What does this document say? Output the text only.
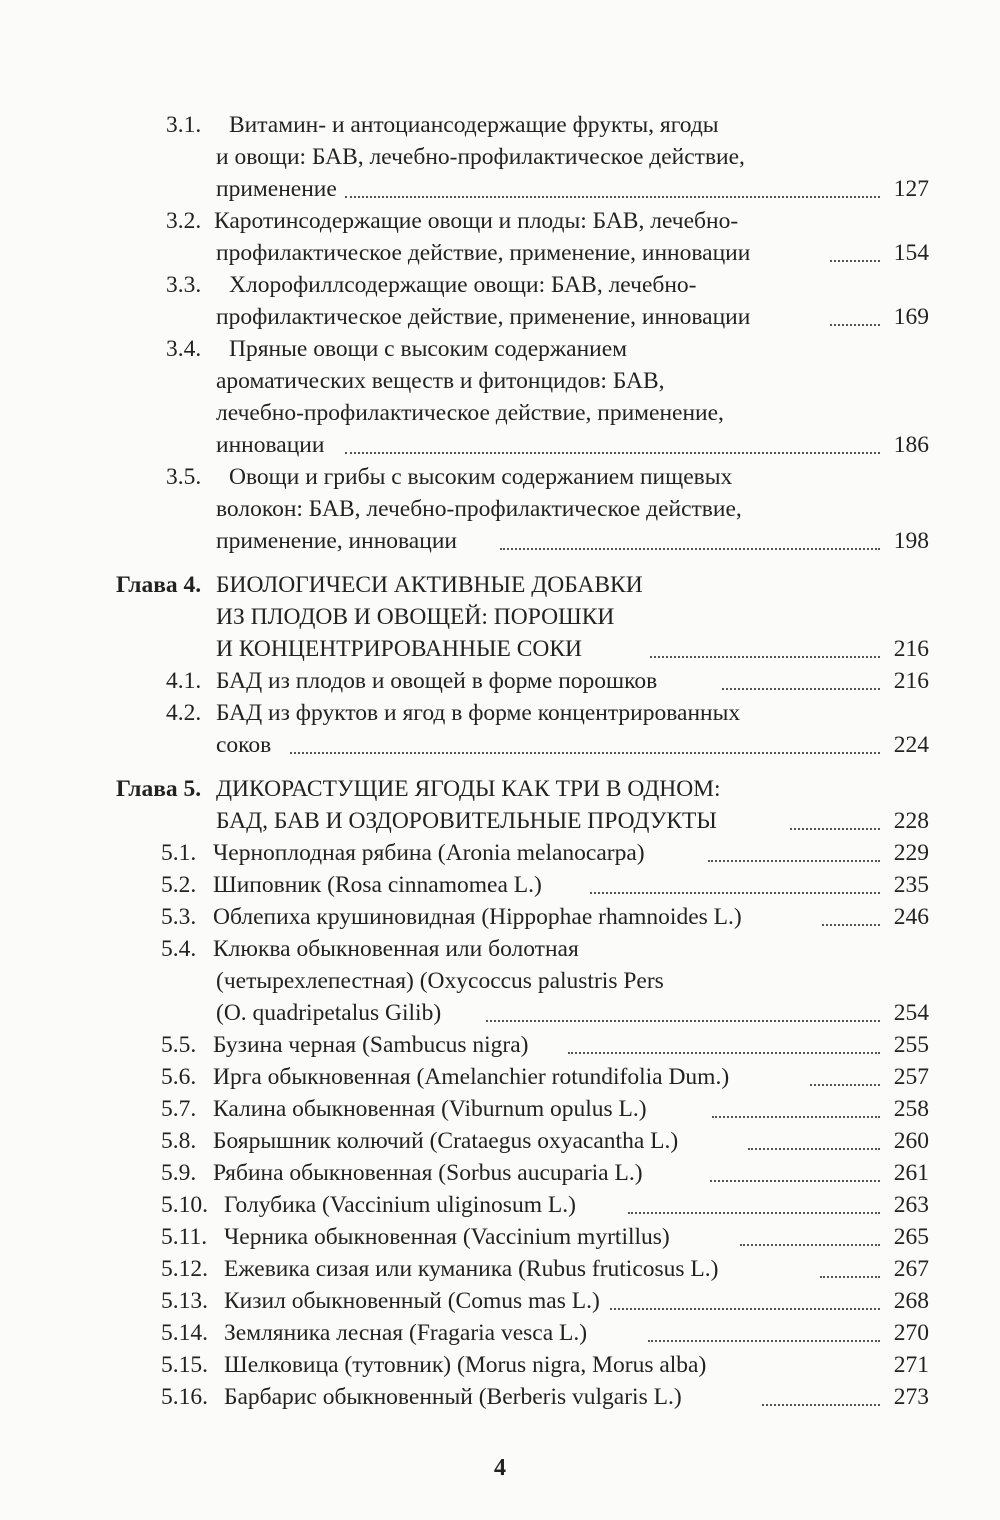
3.1. Витамин- и антоциансодержащие фрукты, ягоды
и овощи: БАВ, лечебно-профилактическое действие,
применение	127
3.2. Каротинсодержащие овощи и плоды: БАВ, лечебно-
профилактическое действие, применение, инновации	154
3.3. Хлорофиллсодержащие овощи: БАВ, лечебно-
профилактическое действие, применение, инновации	169
3.4. Пряные овощи с высоким содержанием
ароматических веществ и фитонцидов: БАВ,
лечебно-профилактическое действие, применение,
инновации	186
3.5. Овощи и грибы с высоким содержанием пищевых
волокон: БАВ, лечебно-профилактическое действие,
применение, инновации	198
Глава 4. БИОЛОГИЧЕСИ АКТИВНЫЕ ДОБАВКИ
ИЗ ПЛОДОВ И ОВОЩЕЙ: ПОРОШКИ
И КОНЦЕНТРИРОВАННЫЕ СОКИ	216
4.1. БАД из плодов и овощей в форме порошков	216
4.2. БАД из фруктов и ягод в форме концентрированных
соков	224
Глава 5. ДИКОРАСТУЩИЕ ЯГОДЫ КАК ТРИ В ОДНОМ:
БАД, БАВ И ОЗДОРОВИТЕЛЬНЫЕ ПРОДУКТЫ	228
5.1. Черноплодная рябина (Aronia melanocarpa)	229
5.2. Шиповник (Rosa cinnamomea L.)	235
5.3. Облепиха крушиновидная (Hippophae rhamnoides L.)	246
5.4. Клюква обыкновенная или болотная
(четырехлепестная) (Oxycoccus palustris Pers
(O. quadripetalus Gilib)	254
5.5. Бузина черная (Sambucus nigra)	255
5.6. Ирга обыкновенная (Amelanchier rotundifolia Dum.)	257
5.7. Калина обыкновенная (Viburnum opulus L.)	258
5.8. Боярышник колючий (Crataegus oxyacantha L.)	260
5.9. Рябина обыкновенная (Sorbus aucuparia L.)	261
5.10. Голубика (Vaccinium uliginosum L.)	263
5.11. Черника обыкновенная (Vaccinium myrtillus)	265
5.12. Ежевика сизая или куманика (Rubus fruticosus L.)	267
5.13. Кизил обыкновенный (Comus mas L.)	268
5.14. Земляника лесная (Fragaria vesca L.)	270
5.15. Шелковица (тутовник) (Morus nigra, Morus alba)	271
5.16. Барбарис обыкновенный (Berberis vulgaris L.)	273
4
